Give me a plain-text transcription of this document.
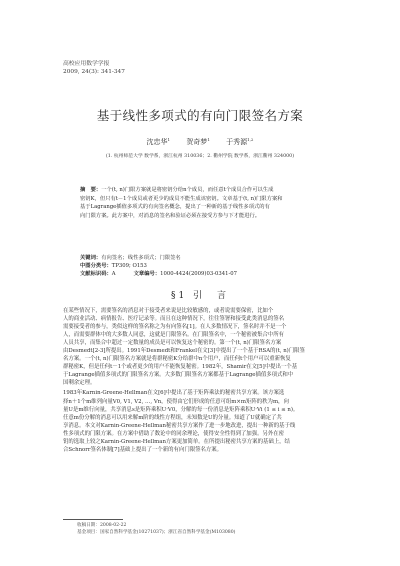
高校应用数学学报
2009, 24(3): 341-347
基于线性多项式的有向门限签名方案
沈忠华$^1$ 贺奇梦$^1$ 于秀源$^{1,2}$
(1. 杭州师范大学 数学系，浙江杭州 310036；2. 衢州学院 数学系，浙江衢州 324000)
摘　要：一个(t, n)门限方案就是将密钥分给n个成员，而任意t个成员合作可以生成
密钥K，但只有t－1个成员或者更少的成员不能生成该密钥。文章基于(t, n)门限方案和
基于Lagrange插值多项式的有向签名概念，提出了一种新的基于线性多项式的有
向门限方案。此方案中，对消息的签名和验证必须在接受方参与下才能进行。
关键词：有向签名；线性多项式；门限签名
中图分类号：TP309; O153
文献标识码：A	文章编号：1000-4424(2009)03-0341-07
§1 引　言
在某些情况下，需要签名的消息对于接受者来说是比较敏感的，或者说需要保密，比如个
人的商业活动、病情报告、医疗记录等。而且在这种情况下，往往签署和接受此类消息的签名
需要接受者的参与，类似这样的签名称之为有向签名[1]。在人多数情况下，签名时并不是一个
人，而需要群体中的大多数人同意，这就是门限签名。在门限签名中，一个秘密被集合中所有
人员共享，而集合中超过一定数量的成员是可以恢复这个秘密的。第一个(t, n)门限签名方案
由Desmedt[2-3]所提出。1991年Desmedt和Frankel在文[3]中提出了一个基于RSA的(t, n)门限签
名方案。一个(t, n)门限签名方案就是将群秘密K分给群中n个用户，而任何t个用户可以重新恢复
群秘密K，但是任何t－1个或者更少的用户不能恢复秘密。1982年，Shamir在文[5]中提出一个基
于Lagrange插值多项式的门限签名方案。大多数门限签名方案都基于Lagrange插值多项式和中
国剩余定理。
1983年Karnin-Greene-Hellman在文[6]中提出了基于矩阵乘法的秘密共享方案。该方案选
择n＋1个m维列向量V0, V1, V2, …, Vn，使得由它们形成的任意可组m×m矩阵的秩为m，向
量U是m维行向量，共享消息s是矩阵乘积U·V0，分解的每一份消息是矩阵乘积U·Vi (1 ≤ i ≤ n)。
任意m份分解的消息可以用来解m阶的线性方程组，未知数是U的分量。知道了U就确定了共
享消息。本文对Karnin-Greene-Hellman秘密共享方案作了进一步地改进，提出一种新的基于线
性多项式的门限方案。在方案中借助了数论中的同余理论，使得安全性得到了加强。另外在密
钥的选取上较之Karnin-Greene-Hellman方案更加简单。在所提出秘密共享方案的基础上，结
合Schnorr签名体制[7]基础上提出了一个新的有向门限签名方案。
收稿日期：2008-02-22
基金项目：国家自然科学基金(10271037)；浙江省自然科学基金(M103080)
